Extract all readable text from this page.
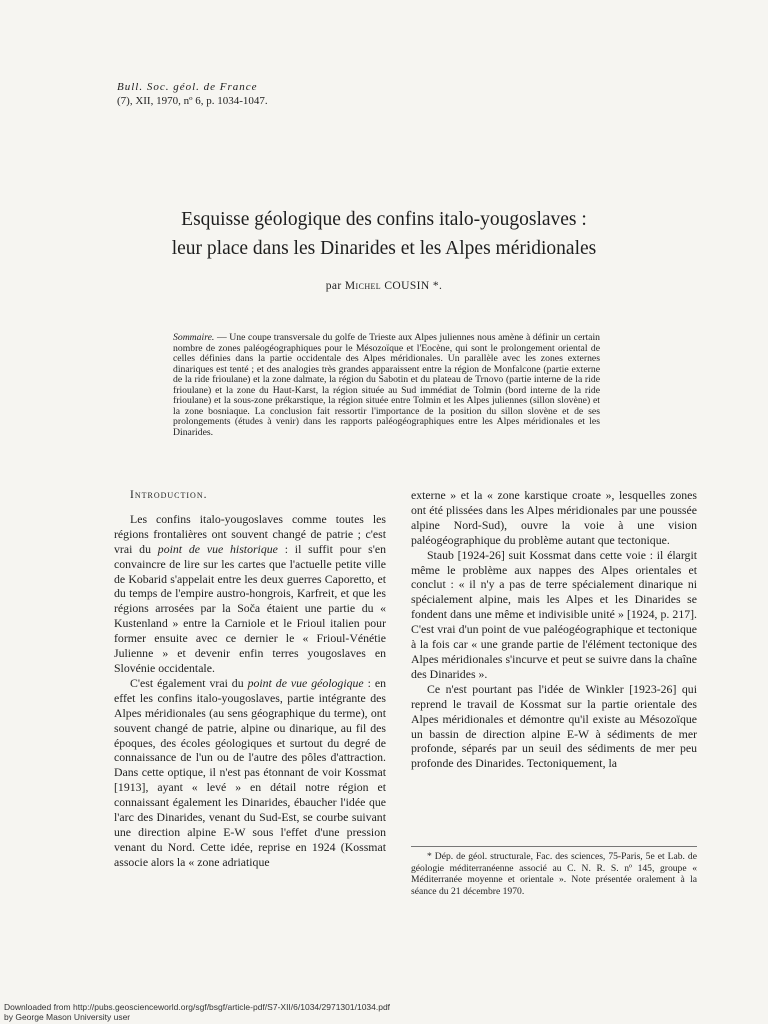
Bull. Soc. géol. de France
(7), XII, 1970, nº 6, p. 1034-1047.
Esquisse géologique des confins italo-yougoslaves :
leur place dans les Dinarides et les Alpes méridionales
par Michel COUSIN *.
Sommaire. — Une coupe transversale du golfe de Trieste aux Alpes juliennes nous amène à définir un certain nombre de zones paléogéographiques pour le Mésozoïque et l'Eocène, qui sont le prolongement oriental de celles définies dans la partie occidentale des Alpes méridionales. Un parallèle avec les zones externes dinariques est tenté ; et des analogies très grandes apparaissent entre la région de Monfalcone (partie externe de la ride frioulane) et la zone dalmate, la région du Sabotin et du plateau de Trnovo (partie interne de la ride frioulane) et la zone du Haut-Karst, la région située au Sud immédiat de Tolmin (bord interne de la ride frioulane) et la sous-zone prékarstique, la région située entre Tolmin et les Alpes juliennes (sillon slovène) et la zone bosniaque. La conclusion fait ressortir l'importance de la position du sillon slovène et de ses prolongements (études à venir) dans les rapports paléogéographiques entre les Alpes méridionales et les Dinarides.
Introduction.

Les confins italo-yougoslaves comme toutes les régions frontalières ont souvent changé de patrie ; c'est vrai du point de vue historique : il suffit pour s'en convaincre de lire sur les cartes que l'actuelle petite ville de Kobarid s'appelait entre les deux guerres Caporetto, et du temps de l'empire austro-hongrois, Karfreit, et que les régions arrosées par la Soča étaient une partie du « Kustenland » entre la Carniole et le Frioul italien pour former ensuite avec ce dernier le « Frioul-Vénétie Julienne » et devenir enfin terres yougoslaves en Slovénie occidentale.

C'est également vrai du point de vue géologique : en effet les confins italo-yougoslaves, partie intégrante des Alpes méridionales (au sens géographique du terme), ont souvent changé de patrie, alpine ou dinarique, au fil des époques, des écoles géologiques et surtout du degré de connaissance de l'un ou de l'autre des pôles d'attraction. Dans cette optique, il n'est pas étonnant de voir Kossmat [1913], ayant « levé » en détail notre région et connaissant également les Dinarides, ébaucher l'idée que l'arc des Dinarides, venant du Sud-Est, se courbe suivant une direction alpine E-W sous l'effet d'une pression venant du Nord. Cette idée, reprise en 1924 (Kossmat associe alors la « zone adriatique

externe » et la « zone karstique croate », lesquelles zones ont été plissées dans les Alpes méridionales par une poussée alpine Nord-Sud), ouvre la voie à une vision paléogéographique du problème autant que tectonique.

Staub [1924-26] suit Kossmat dans cette voie : il élargit même le problème aux nappes des Alpes orientales et conclut : « il n'y a pas de terre spécialement dinarique ni spécialement alpine, mais les Alpes et les Dinarides se fondent dans une même et indivisible unité » [1924, p. 217]. C'est vrai d'un point de vue paléogéographique et tectonique à la fois car « une grande partie de l'élément tectonique des Alpes méridionales s'incurve et peut se suivre dans la chaîne des Dinarides ».

Ce n'est pourtant pas l'idée de Winkler [1923-26] qui reprend le travail de Kossmat sur la partie orientale des Alpes méridionales et démontre qu'il existe au Mésozoïque un bassin de direction alpine E-W à sédiments de mer profonde, séparés par un seuil des sédiments de mer peu profonde des Dinarides. Tectoniquement, la

* Dép. de géol. structurale, Fac. des sciences, 75-Paris, 5e et Lab. de géologie méditerranéenne associé au C. N. R. S. nº 145, groupe « Méditerranée moyenne et orientale ». Note présentée oralement à la séance du 21 décembre 1970.
Downloaded from http://pubs.geoscienceworld.org/sgf/bsgf/article-pdf/S7-XII/6/1034/2971301/1034.pdf
by George Mason University user
